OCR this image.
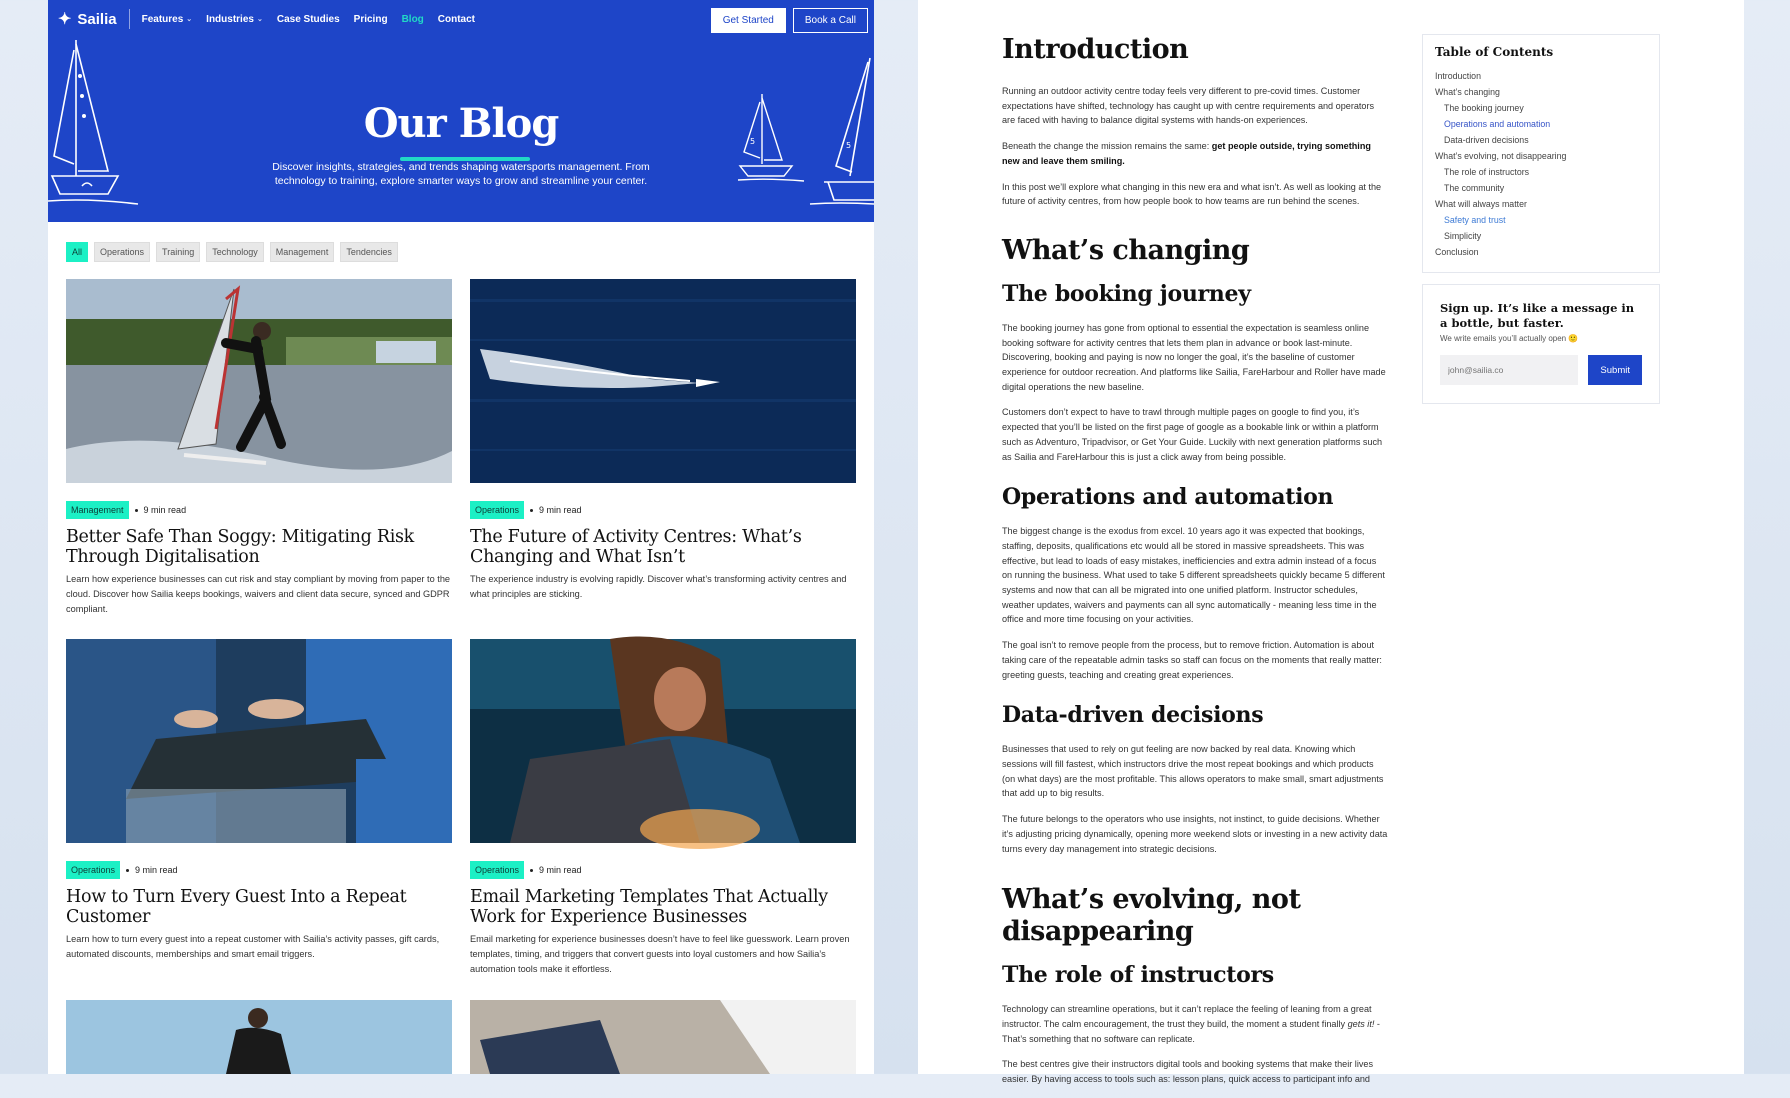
5	5
✦ Sailia	Features ⌄ Industries ⌄ Case Studies Pricing Blog Contact	Get Started	Book a Call
Our Blog
Discover insights, strategies, and trends shaping watersports management. From technology to training, explore smarter ways to grow and streamline your center.
All	Operations	Training	Technology	Management	Tendencies
Management	9 min read
Better Safe Than Soggy: Mitigating Risk Through Digitalisation
Learn how experience businesses can cut risk and stay compliant by moving from paper to the cloud. Discover how Sailia keeps bookings, waivers and client data secure, synced and GDPR compliant.
Operations	9 min read
The Future of Activity Centres: What’s Changing and What Isn’t
The experience industry is evolving rapidly. Discover what’s transforming activity centres and what principles are sticking.
Operations	9 min read
How to Turn Every Guest Into a Repeat Customer
Learn how to turn every guest into a repeat customer with Sailia’s activity passes, gift cards, automated discounts, memberships and smart email triggers.
Operations	9 min read
Email Marketing Templates That Actually Work for Experience Businesses
Email marketing for experience businesses doesn’t have to feel like guesswork. Learn proven templates, timing, and triggers that convert guests into loyal customers and how Sailia’s automation tools make it effortless.
Introduction

Running an outdoor activity centre today feels very different to pre-covid times. Customer expectations have shifted, technology has caught up with centre requirements and operators are faced with having to balance digital systems with hands-on experiences.

Beneath the change the mission remains the same: get people outside, trying something new and leave them smiling.

In this post we’ll explore what changing in this new era and what isn’t. As well as looking at the future of activity centres, from how people book to how teams are run behind the scenes.

What’s changing
The booking journey

The booking journey has gone from optional to essential the expectation is seamless online booking software for activity centres that lets them plan in advance or book last-minute. Discovering, booking and paying is now no longer the goal, it’s the baseline of customer experience for outdoor recreation. And platforms like Sailia, FareHarbour and Roller have made digital operations the new baseline.

Customers don’t expect to have to trawl through multiple pages on google to find you, it’s expected that you’ll be listed on the first page of google as a bookable link or within a platform such as Adventuro, Tripadvisor, or Get Your Guide. Luckily with next generation platforms such as Sailia and FareHarbour this is just a click away from being possible.

Operations and automation

The biggest change is the exodus from excel. 10 years ago it was expected that bookings, staffing, deposits, qualifications etc would all be stored in massive spreadsheets. This was effective, but lead to loads of easy mistakes, inefficiencies and extra admin instead of a focus on running the business. What used to take 5 different spreadsheets quickly became 5 different systems and now that can all be migrated into one unified platform. Instructor schedules, weather updates, waivers and payments can all sync automatically - meaning less time in the office and more time focusing on your activities.

The goal isn’t to remove people from the process, but to remove friction. Automation is about taking care of the repeatable admin tasks so staff can focus on the moments that really matter: greeting guests, teaching and creating great experiences.

Data-driven decisions

Businesses that used to rely on gut feeling are now backed by real data. Knowing which sessions will fill fastest, which instructors drive the most repeat bookings and which products (on what days) are the most profitable. This allows operators to make small, smart adjustments that add up to big results.

The future belongs to the operators who use insights, not instinct, to guide decisions. Whether it’s adjusting pricing dynamically, opening more weekend slots or investing in a new activity data turns every day management into strategic decisions.

What’s evolving, not disappearing
The role of instructors

Technology can streamline operations, but it can’t replace the feeling of leaning from a great instructor. The calm encouragement, the trust they build, the moment a student finally gets it! - That’s something that no software can replicate.

The best centres give their instructors digital tools and booking systems that make their lives easier. By having access to tools such as: lesson plans, quick access to participant info and

Table of Contents
Introduction
What’s changing
The booking journey
Operations and automation
Data-driven decisions
What’s evolving, not disappearing
The role of instructors
The community
What will always matter
Safety and trust
Simplicity
Conclusion
Sign up. It’s like a message in a bottle, but faster.
We write emails you’ll actually open 🙂
john@sailia.co
Submit
